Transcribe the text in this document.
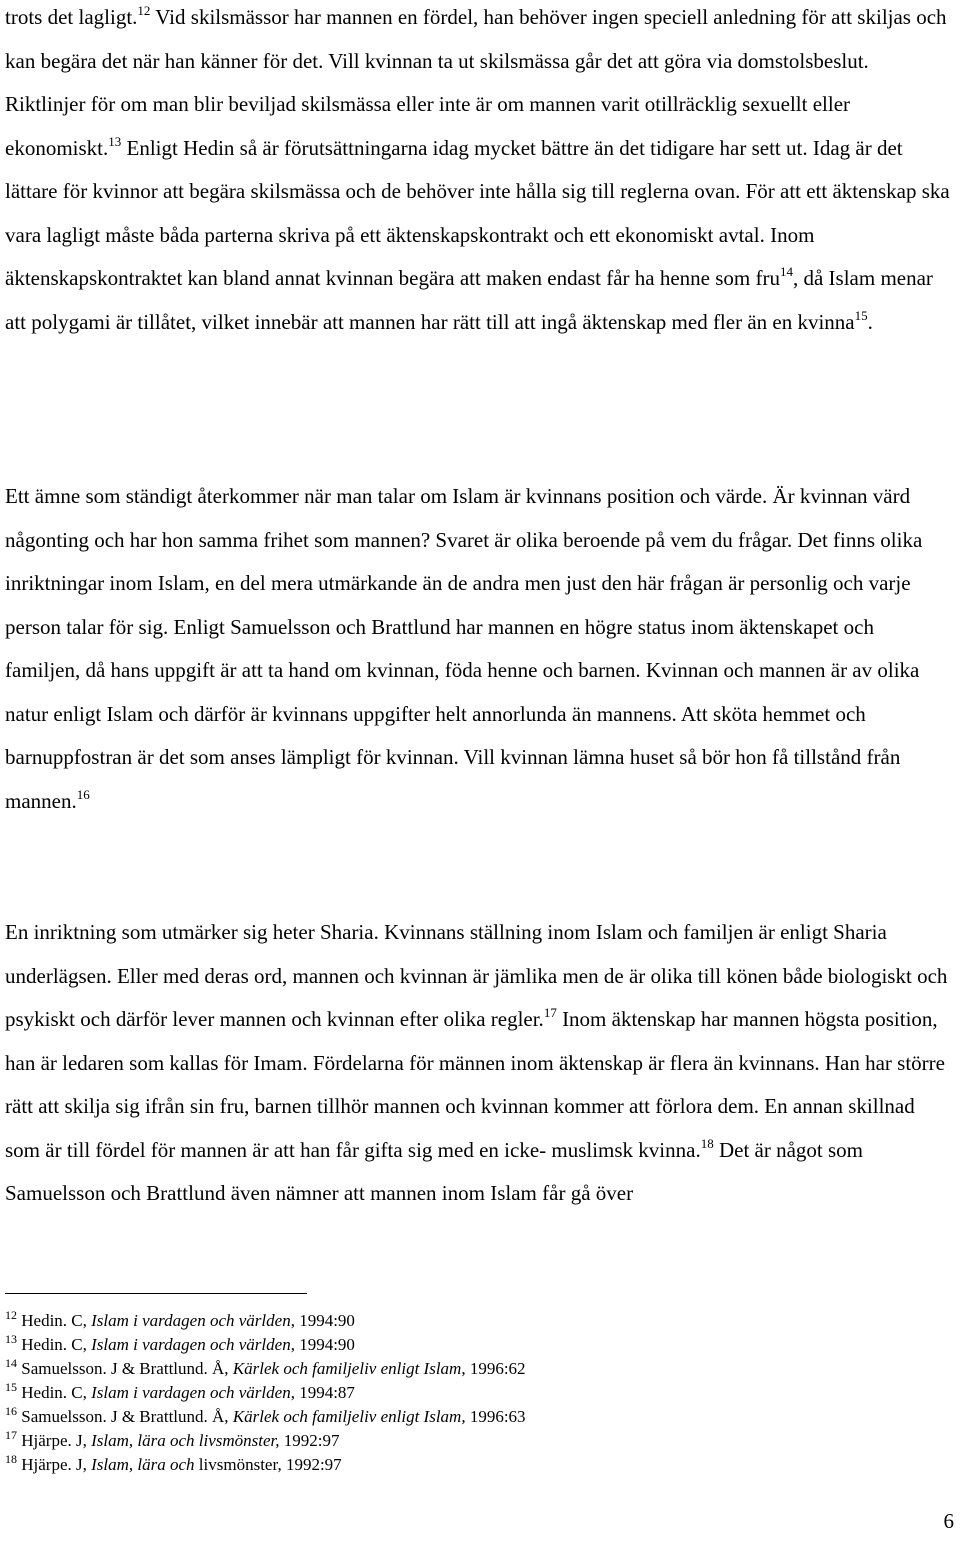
trots det lagligt.$^{12}$ Vid skilsmässor har mannen en fördel, han behöver ingen speciell anledning för att skiljas och kan begära det när han känner för det. Vill kvinnan ta ut skilsmässa går det att göra via domstolsbeslut. Riktlinjer för om man blir beviljad skilsmässa eller inte är om mannen varit otillräcklig sexuellt eller ekonomiskt.$^{13}$ Enligt Hedin så är förutsättningarna idag mycket bättre än det tidigare har sett ut. Idag är det lättare för kvinnor att begära skilsmässa och de behöver inte hålla sig till reglerna ovan. För att ett äktenskap ska vara lagligt måste båda parterna skriva på ett äktenskapskontrakt och ett ekonomiskt avtal. Inom äktenskapskontraktet kan bland annat kvinnan begära att maken endast får ha henne som fru$^{14}$, då Islam menar att polygami är tillåtet, vilket innebär att mannen har rätt till att ingå äktenskap med fler än en kvinna$^{15}$.

Ett ämne som ständigt återkommer när man talar om Islam är kvinnans position och värde. Är kvinnan värd någonting och har hon samma frihet som mannen? Svaret är olika beroende på vem du frågar. Det finns olika inriktningar inom Islam, en del mera utmärkande än de andra men just den här frågan är personlig och varje person talar för sig. Enligt Samuelsson och Brattlund har mannen en högre status inom äktenskapet och familjen, då hans uppgift är att ta hand om kvinnan, föda henne och barnen. Kvinnan och mannen är av olika natur enligt Islam och därför är kvinnans uppgifter helt annorlunda än mannens. Att sköta hemmet och barnuppfostran är det som anses lämpligt för kvinnan. Vill kvinnan lämna huset så bör hon få tillstånd från mannen.$^{16}$

En inriktning som utmärker sig heter Sharia. Kvinnans ställning inom Islam och familjen är enligt Sharia underlägsen. Eller med deras ord, mannen och kvinnan är jämlika men de är olika till könen både biologiskt och psykiskt och därför lever mannen och kvinnan efter olika regler.$^{17}$ Inom äktenskap har mannen högsta position, han är ledaren som kallas för Imam. Fördelarna för männen inom äktenskap är flera än kvinnans. Han har större rätt att skilja sig ifrån sin fru, barnen tillhör mannen och kvinnan kommer att förlora dem. En annan skillnad som är till fördel för mannen är att han får gifta sig med en icke- muslimsk kvinna.$^{18}$ Det är något som Samuelsson och Brattlund även nämner att mannen inom Islam får gå över

$^{12}$ Hedin. C, Islam i vardagen och världen, 1994:90
$^{13}$ Hedin. C, Islam i vardagen och världen, 1994:90
$^{14}$ Samuelsson. J & Brattlund. Å, Kärlek och familjeliv enligt Islam, 1996:62
$^{15}$ Hedin. C, Islam i vardagen och världen, 1994:87
$^{16}$ Samuelsson. J & Brattlund. Å, Kärlek och familjeliv enligt Islam, 1996:63
$^{17}$ Hjärpe. J, Islam, lära och livsmönster, 1992:97
$^{18}$ Hjärpe. J, Islam, lära och livsmönster, 1992:97
6
